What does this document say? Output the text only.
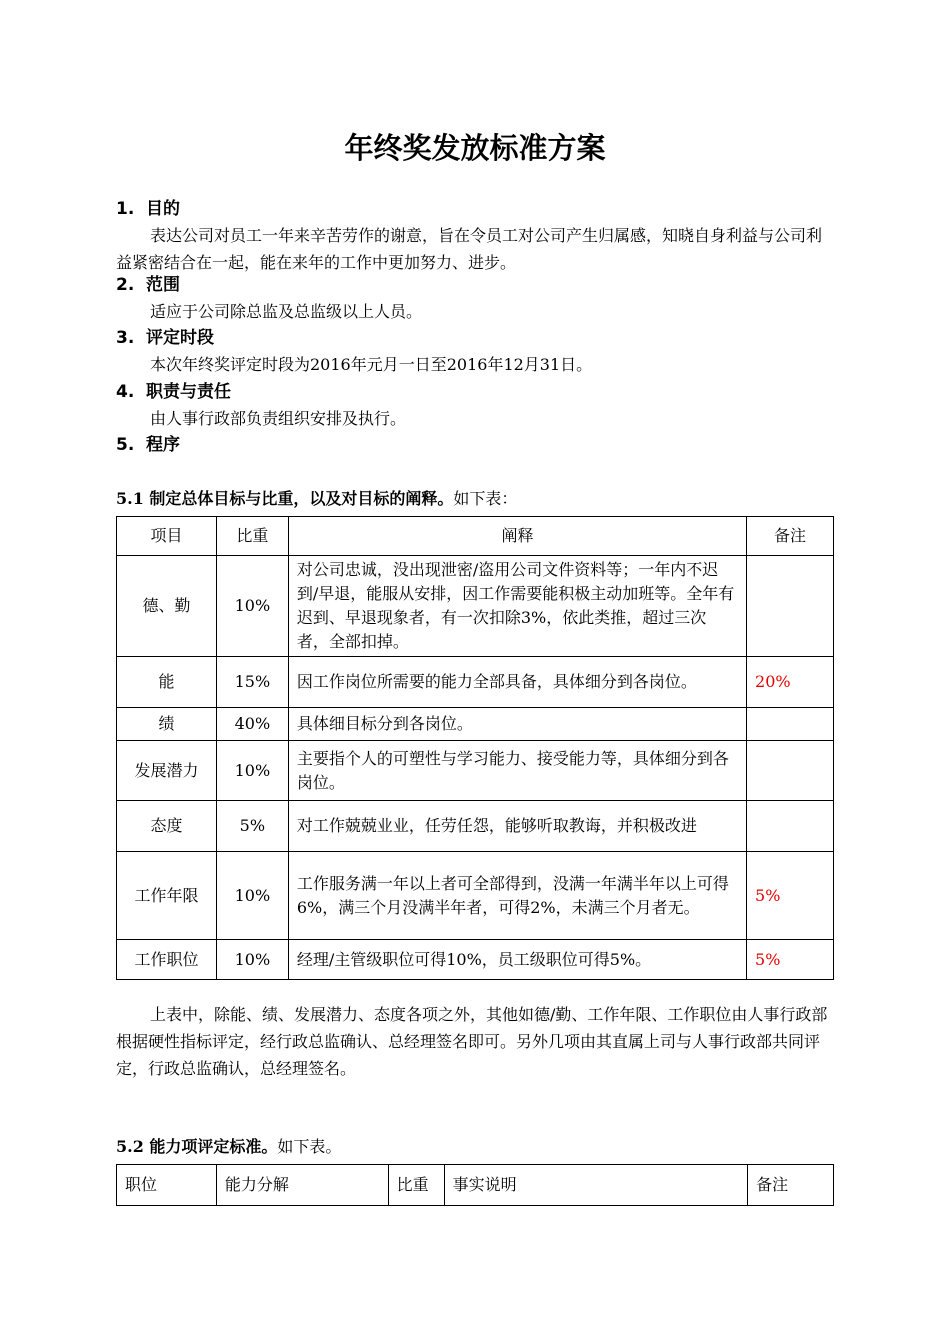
年终奖发放标准方案
1. 目的

表达公司对员工一年来辛苦劳作的谢意，旨在令员工对公司产生归属感，知晓自身利益与公司利益紧密结合在一起，能在来年的工作中更加努力、进步。

2. 范围

适应于公司除总监及总监级以上人员。

3. 评定时段

本次年终奖评定时段为2016年元月一日至2016年12月31日。

4. 职责与责任

由人事行政部负责组织安排及执行。

5. 程序

5.1 制定总体目标与比重，以及对目标的阐释。如下表：

项目	比重	阐释	备注
德、勤	10%	对公司忠诚，没出现泄密/盗用公司文件资料等；一年内不迟到/早退，能服从安排，因工作需要能积极主动加班等。全年有迟到、早退现象者，有一次扣除3%，依此类推，超过三次者，全部扣掉。	
能	15%	因工作岗位所需要的能力全部具备，具体细分到各岗位。	20%
绩	40%	具体细目标分到各岗位。	
发展潜力	10%	主要指个人的可塑性与学习能力、接受能力等，具体细分到各岗位。	
态度	5%	对工作兢兢业业，任劳任怨，能够听取教诲，并积极改进	
工作年限	10%	工作服务满一年以上者可全部得到，没满一年满半年以上可得6%，满三个月没满半年者，可得2%，未满三个月者无。	5%
工作职位	10%	经理/主管级职位可得10%，员工级职位可得5%。	5%

上表中，除能、绩、发展潜力、态度各项之外，其他如德/勤、工作年限、工作职位由人事行政部根据硬性指标评定，经行政总监确认、总经理签名即可。另外几项由其直属上司与人事行政部共同评定，行政总监确认，总经理签名。

5.2 能力项评定标准。如下表。

职位	能力分解	比重	事实说明	备注
